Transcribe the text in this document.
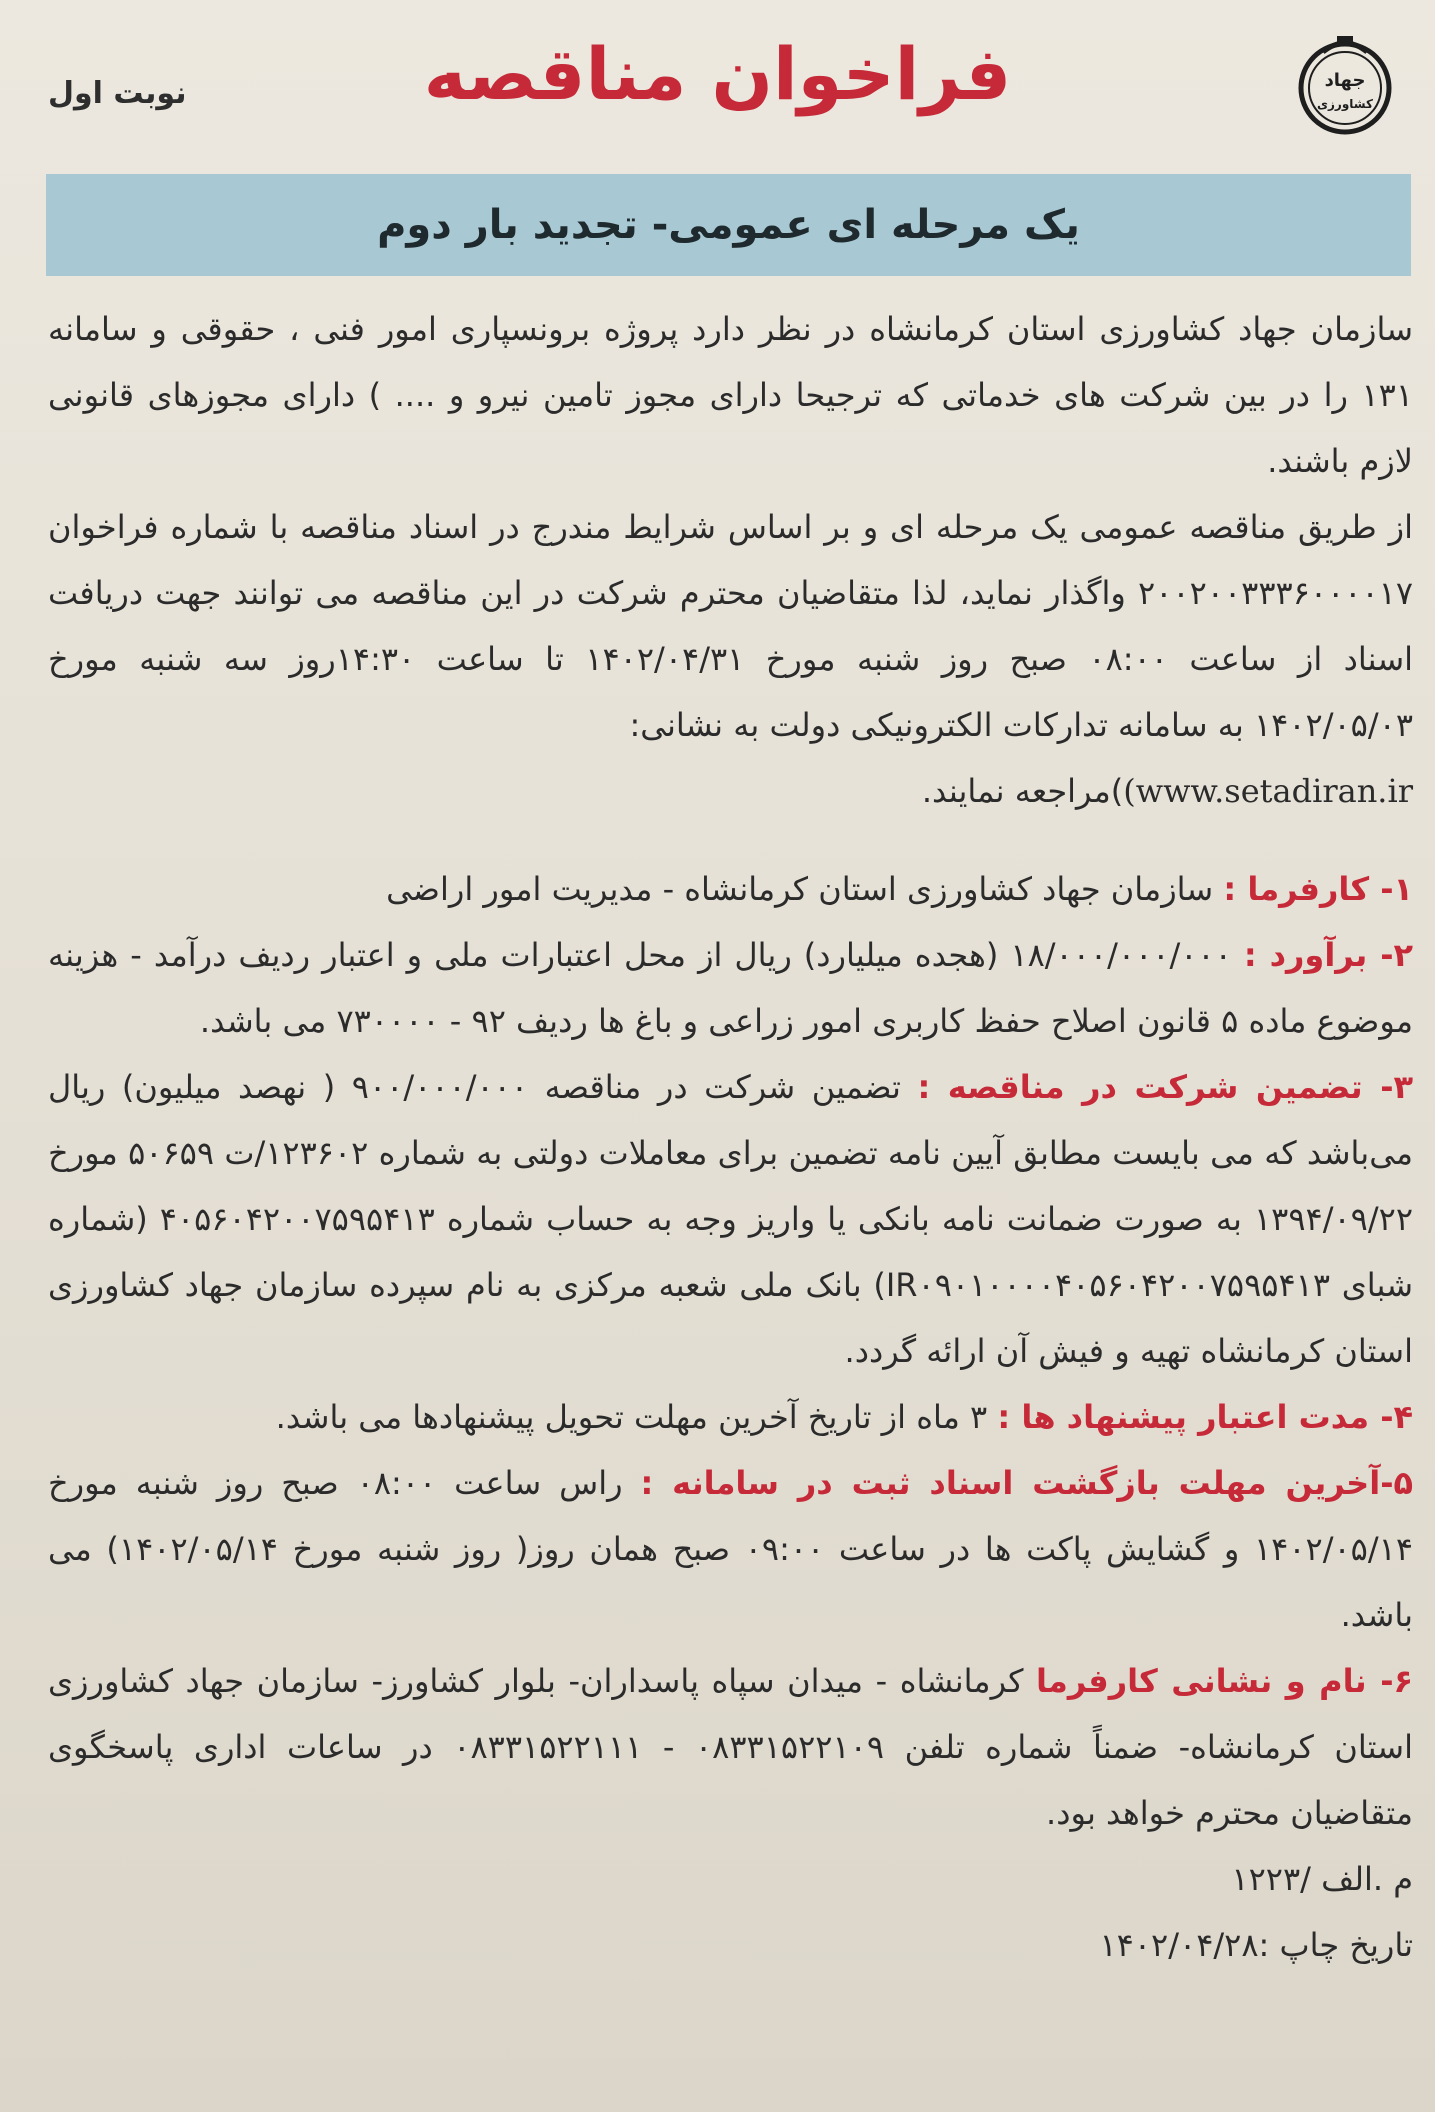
جهاد
کشاورزی
نوبت اول	فراخوان مناقصه
یک مرحله ای عمومی- تجدید بار دوم

سازمان جهاد کشاورزی استان کرمانشاه در نظر دارد پروژه برونسپاری امور فنی ، حقوقی و سامانه ۱۳۱ را در بین شرکت های خدماتی که ترجیحا دارای مجوز تامین نیرو و .... ) دارای مجوزهای قانونی لازم باشند.

از طریق مناقصه عمومی یک مرحله ای و بر اساس شرایط مندرج در اسناد مناقصه با شماره فراخوان ۲۰۰۲۰۰۳۳۳۶۰۰۰۰۱۷ واگذار نماید، لذا متقاضیان محترم شرکت در این مناقصه می توانند جهت دریافت اسناد از ساعت ۰۸:۰۰ صبح روز شنبه مورخ ۱۴۰۲/۰۴/۳۱ تا ساعت ۱۴:۳۰روز سه شنبه مورخ ۱۴۰۲/۰۵/۰۳ به سامانه تدارکات الکترونیکی دولت به نشانی:
(www.setadiran.ir)مراجعه نمایند.

۱- کارفرما : سازمان جهاد کشاورزی استان کرمانشاه - مدیریت امور اراضی

۲- برآورد : ۱۸/۰۰۰/۰۰۰/۰۰۰ (هجده میلیارد) ریال از محل اعتبارات ملی و اعتبار ردیف درآمد - هزینه موضوع ماده ۵ قانون اصلاح حفظ کاربری امور زراعی و باغ ها ردیف ۹۲ - ۷۳۰۰۰۰ می باشد.

۳- تضمین شرکت در مناقصه : تضمین شرکت در مناقصه ۹۰۰/۰۰۰/۰۰۰ ( نهصد میلیون) ریال می‌باشد که می بایست مطابق آیین نامه تضمین برای معاملات دولتی به شماره ۱۲۳۶۰۲/ت ۵۰۶۵۹ مورخ ۱۳۹۴/۰۹/۲۲ به صورت ضمانت نامه بانکی یا واریز وجه به حساب شماره ۴۰۵۶۰۴۲۰۰۷۵۹۵۴۱۳ (شماره شبای IR۰۹۰۱۰۰۰۰۴۰۵۶۰۴۲۰۰۷۵۹۵۴۱۳) بانک ملی شعبه مرکزی به نام سپرده سازمان جهاد کشاورزی استان کرمانشاه تهیه و فیش آن ارائه گردد.

۴- مدت اعتبار پیشنهاد ها : ۳ ماه از تاریخ آخرین مهلت تحویل پیشنهادها می باشد.

۵-آخرین مهلت بازگشت اسناد ثبت در سامانه : راس ساعت ۰۸:۰۰ صبح روز شنبه مورخ ۱۴۰۲/۰۵/۱۴ و گشایش پاکت ها در ساعت ۰۹:۰۰ صبح همان روز( روز شنبه مورخ ۱۴۰۲/۰۵/۱۴) می باشد.

۶- نام و نشانی کارفرما کرمانشاه - میدان سپاه پاسداران- بلوار کشاورز- سازمان جهاد کشاورزی استان کرمانشاه- ضمناً شماره تلفن ۰۸۳۳۱۵۲۲۱۰۹ - ۰۸۳۳۱۵۲۲۱۱۱ در ساعات اداری پاسخگوی متقاضیان محترم خواهد بود.

م .الف /۱۲۲۳

تاریخ چاپ :۱۴۰۲/۰۴/۲۸
